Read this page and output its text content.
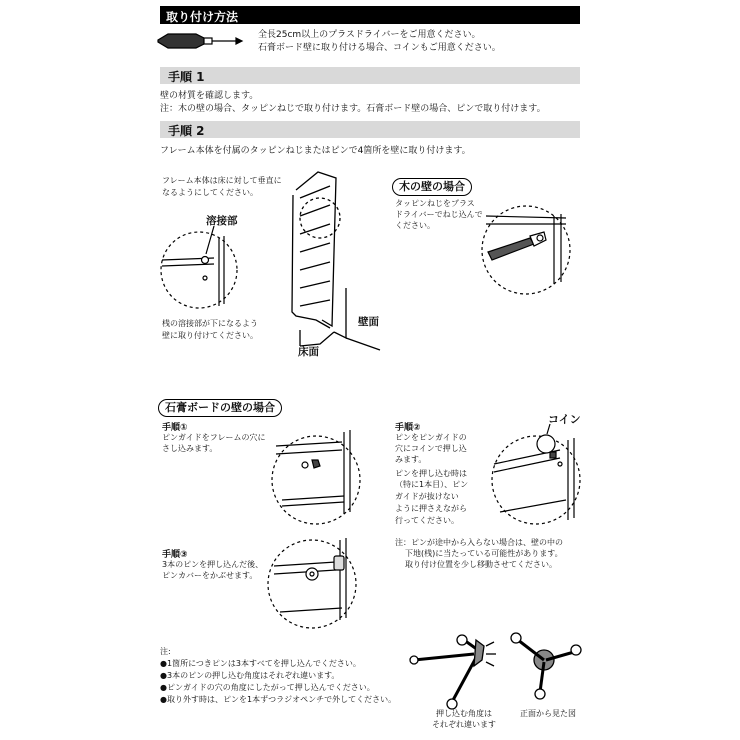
取り付け方法
全長25cm以上のプラスドライバーをご用意ください。
石膏ボード壁に取り付ける場合、コインもご用意ください。
手順 1
壁の材質を確認します。
注：木の壁の場合、タッピンねじで取り付けます。石膏ボード壁の場合、ピンで取り付けます。
手順 2
フレーム本体を付属のタッピンねじまたはピンで4箇所を壁に取り付けます。
フレーム本体は床に対して垂直に
なるようにしてください。
溶接部
桟の溶接部が下になるよう
壁に取り付けてください。
壁面
床面
木の壁の場合
タッピンねじをプラス
ドライバーでねじ込んで
ください。
石膏ボードの壁の場合
手順①
ピンガイドをフレームの穴に
さし込みます。
手順②
ピンをピンガイドの
穴にコインで押し込
みます。
ピンを押し込む時は
（特に1本目）、ピン
ガイドが抜けない
ように押さえながら
行ってください。
コイン
手順③
3本のピンを押し込んだ後、
ピンカバーをかぶせます。
注：ピンが途中から入らない場合は、壁の中の
下地(桟)に当たっている可能性があります。
取り付け位置を少し移動させてください。
注:
●1箇所につきピンは3本すべてを押し込んでください。
●3本のピンの押し込む角度はそれぞれ違います。
●ピンガイドの穴の角度にしたがって押し込んでください。
●取り外す時は、ピンを1本ずつラジオペンチで外してください。
押し込む角度は
それぞれ違います
正面から見た図
